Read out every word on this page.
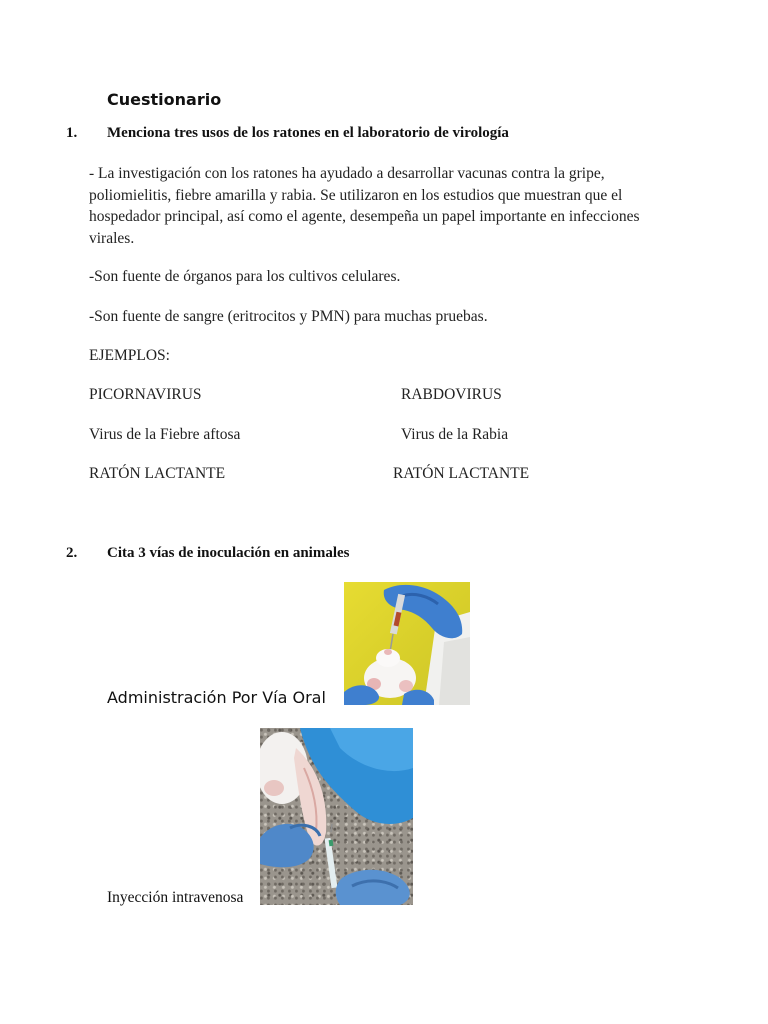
Cuestionario
1. Menciona tres usos de los ratones en el laboratorio de virología
- La investigación con los ratones ha ayudado a desarrollar vacunas contra la gripe, poliomielitis, fiebre amarilla y rabia. Se utilizaron en los estudios que muestran que el hospedador principal, así como el agente, desempeña un papel importante en infecciones virales.
-Son fuente de órganos para los cultivos celulares.
-Son fuente de sangre (eritrocitos y PMN) para muchas pruebas.
EJEMPLOS:
PICORNAVIRUS
Virus de la Fiebre aftosa
RATÓN LACTANTE
RABDOVIRUS
Virus de la Rabia
RATÓN LACTANTE
2. Cita 3 vías de inoculación en animales
Administración Por Vía Oral
Inyección intravenosa
